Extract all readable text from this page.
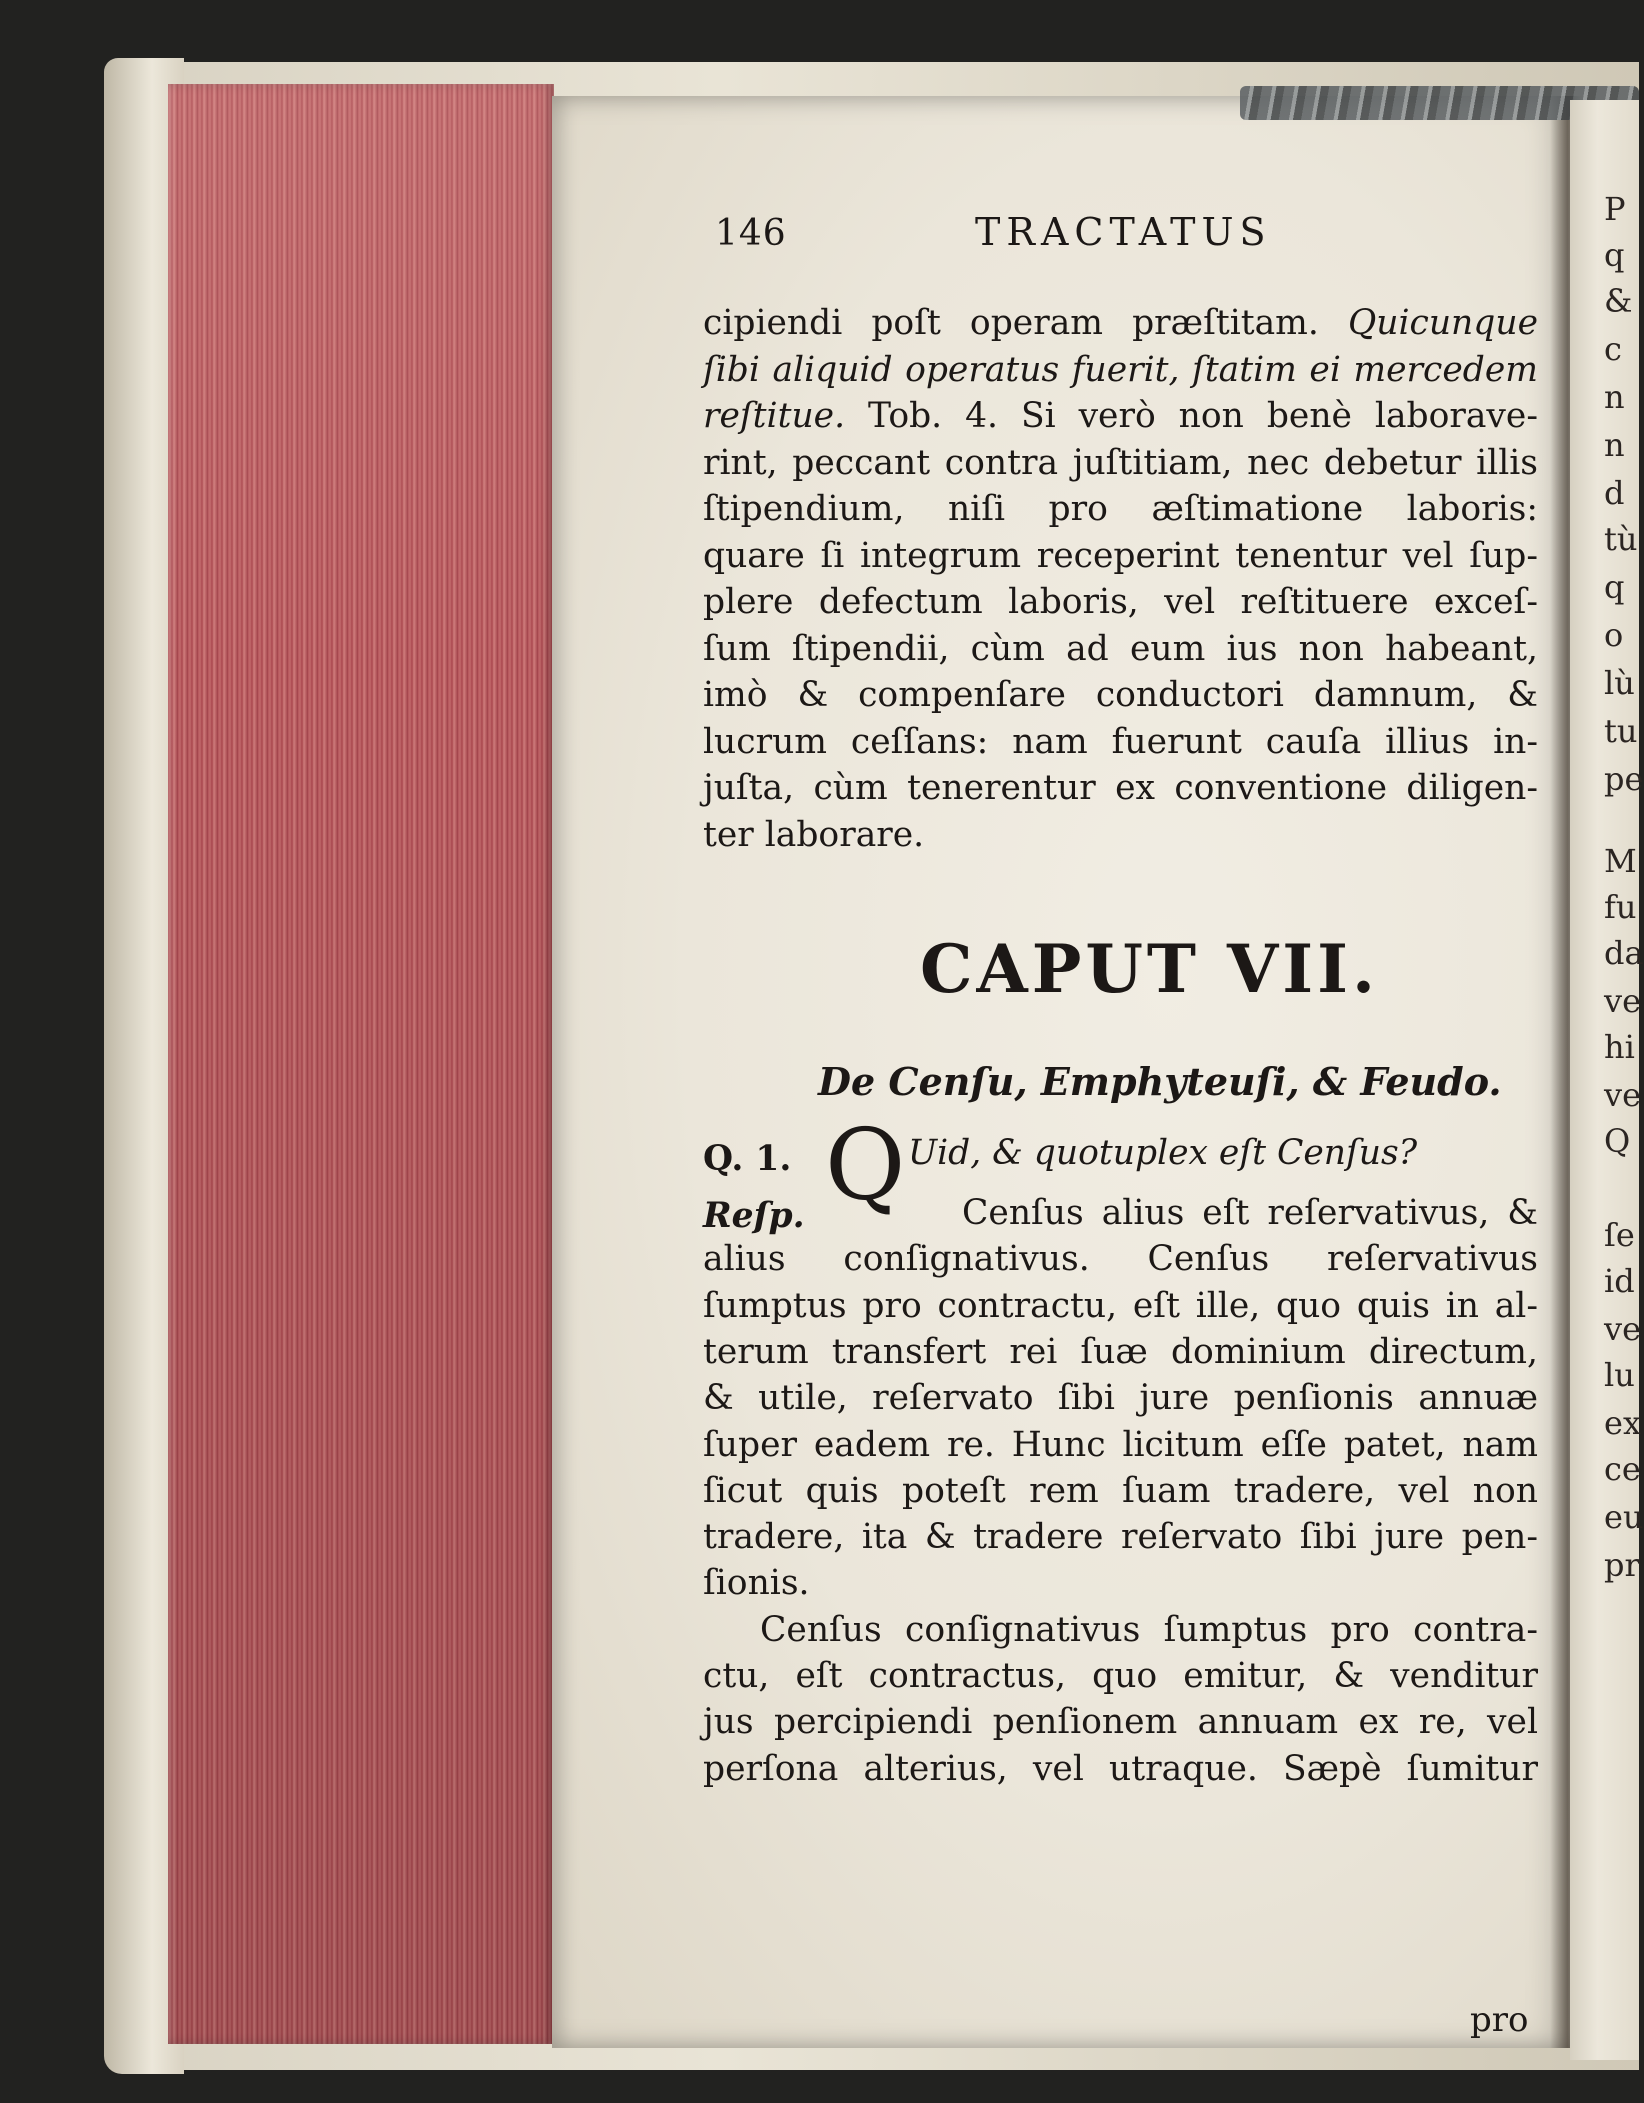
P
q
&
c
n
n
d
tù
q
o
lù
tu
pe
M
fu
da
ve
hi
ve
Q
ſe
id
ve
lu
ex
ce
eu
pr
146	TRACTATUS
cipiendi poſt operam præſtitam. Quicunque
ſibi aliquid operatus fuerit, ſtatim ei mercedem
reſtitue. Tob. 4. Si verò non benè laborave-
rint, peccant contra juſtitiam, nec debetur illis
ſtipendium, niſi pro æſtimatione laboris:
quare ſi integrum receperint tenentur vel ſup-
plere defectum laboris, vel reſtituere exceſ-
ſum ſtipendii, cùm ad eum ius non habeant,
imò & compenſare conductori damnum, &
lucrum ceſſans: nam fuerunt cauſa illius in-
juſta, cùm tenerentur ex conventione diligen-
ter laborare.
CAPUT VII.
De Cenſu, Emphyteuſi, & Feudo.
Q. 1. Q Uid, & quotuplex eſt Cenſus?
Reſp.	Cenſus alius eſt reſervativus, &
alius conſignativus. Cenſus reſervativus
ſumptus pro contractu, eſt ille, quo quis in al-
terum transfert rei ſuæ dominium directum,
& utile, reſervato ſibi jure penſionis annuæ
ſuper eadem re. Hunc licitum eſſe patet, nam
ſicut quis poteſt rem ſuam tradere, vel non
tradere, ita & tradere reſervato ſibi jure pen-
ſionis.
Cenſus conſignativus ſumptus pro contra-
ctu, eſt contractus, quo emitur, & venditur
jus percipiendi penſionem annuam ex re, vel
perſona alterius, vel utraque. Sæpè ſumitur
pro
